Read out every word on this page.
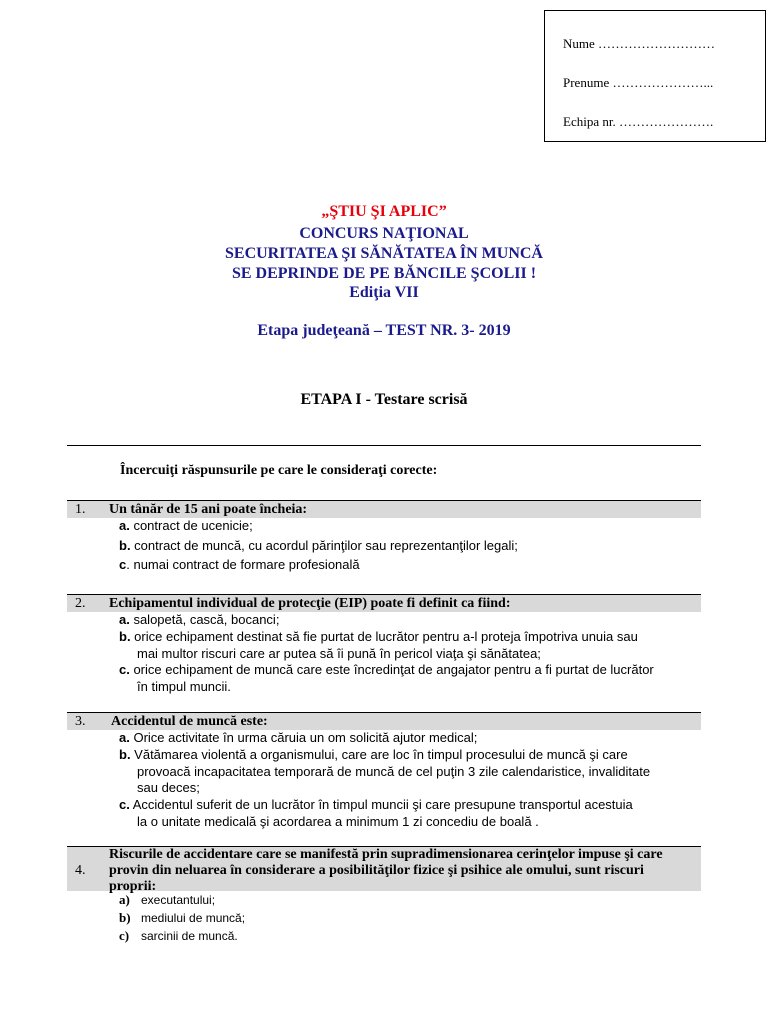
Nume ………………………
Prenume …………………...
Echipa nr. ………………….
„ŞTIU ŞI APLIC”
CONCURS NAŢIONAL
SECURITATEA ŞI SĂNĂTATEA ÎN MUNCĂ
SE DEPRINDE DE PE BĂNCILE ŞCOLII !
Ediţia VII
Etapa judeţeană – TEST NR. 3- 2019
ETAPA I - Testare scrisă
Încercuiţi răspunsurile pe care le consideraţi corecte:
1. Un tânăr de 15 ani poate încheia:
a. contract de ucenicie;
b. contract de muncă, cu acordul părinţilor sau reprezentanţilor legali;
c. numai contract de formare profesională
2. Echipamentul individual de protecţie (EIP) poate fi definit ca fiind:
a. salopetă, cască, bocanci;
b. orice echipament destinat să fie purtat de lucrător pentru a-l proteja împotriva unuia sau
mai multor riscuri care ar putea să îi pună în pericol viaţa şi sănătatea;
c. orice echipament de muncă care este încredinţat de angajator pentru a fi purtat de lucrător
în timpul muncii.
3. Accidentul de muncă este:
a. Orice activitate în urma căruia un om solicită ajutor medical;
b. Vătămarea violentă a organismului, care are loc în timpul procesului de muncă şi care
provoacă incapacitatea temporară de muncă de cel puţin 3 zile calendaristice, invaliditate
sau deces;
c. Accidentul suferit de un lucrător în timpul muncii şi care presupune transportul acestuia
la o unitate medicală şi acordarea a minimum 1 zi concediu de boală .
4.
Riscurile de accidentare care se manifestă prin supradimensionarea cerinţelor impuse şi care provin din neluarea în considerare a posibilităţilor fizice şi psihice ale omului, sunt riscuri proprii:
a) executantului;
b) mediului de muncă;
c) sarcinii de muncă.
